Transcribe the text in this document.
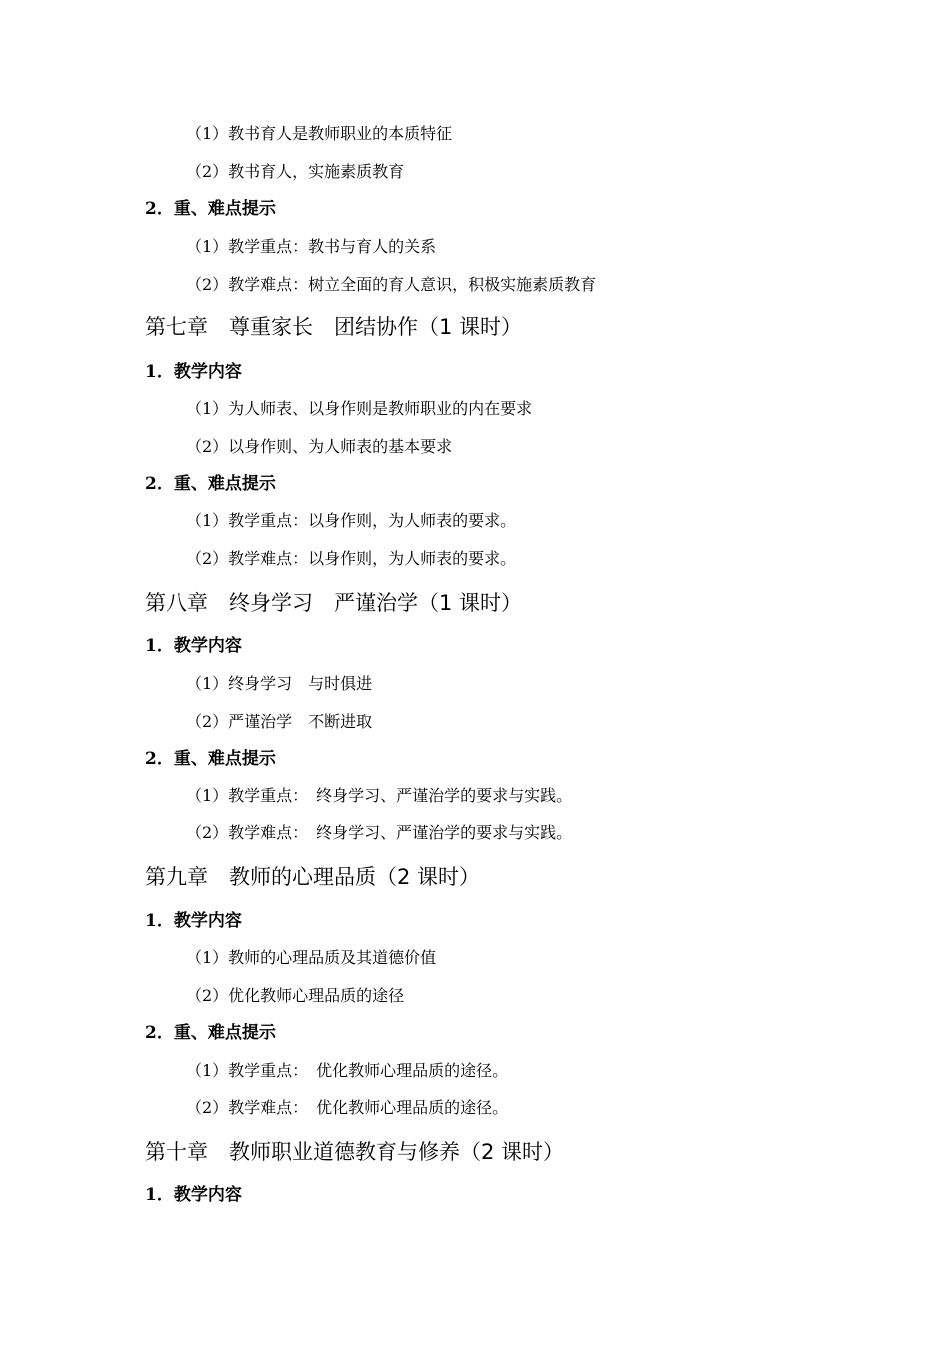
（1）教书育人是教师职业的本质特征
（2）教书育人，实施素质教育
2．重、难点提示
（1）教学重点：教书与育人的关系
（2）教学难点：树立全面的育人意识，积极实施素质教育
第七章　尊重家长　团结协作（1 课时）
1．教学内容
（1）为人师表、以身作则是教师职业的内在要求
（2）以身作则、为人师表的基本要求
2．重、难点提示
（1）教学重点：以身作则，为人师表的要求。
（2）教学难点：以身作则，为人师表的要求。
第八章　终身学习　严谨治学（1 课时）
1．教学内容
（1）终身学习　与时俱进
（2）严谨治学　不断进取
2．重、难点提示
（1）教学重点：　终身学习、严谨治学的要求与实践。
（2）教学难点：　终身学习、严谨治学的要求与实践。
第九章　教师的心理品质（2 课时）
1．教学内容
（1）教师的心理品质及其道德价值
（2）优化教师心理品质的途径
2．重、难点提示
（1）教学重点：　优化教师心理品质的途径。
（2）教学难点：　优化教师心理品质的途径。
第十章　教师职业道德教育与修养（2 课时）
1．教学内容
